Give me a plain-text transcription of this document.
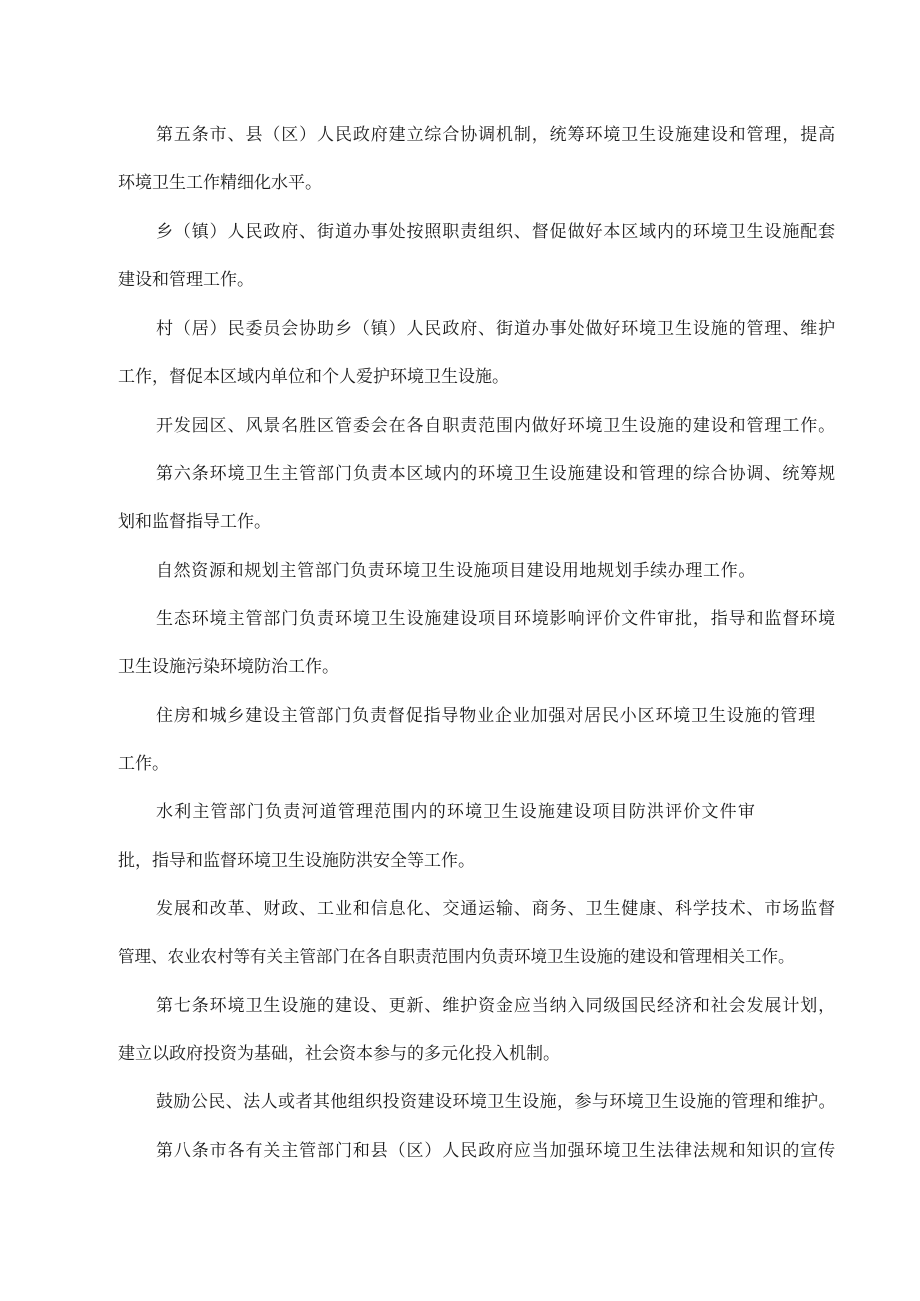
第五条市、县（区）人民政府建立综合协调机制，统筹环境卫生设施建设和管理，提高

环境卫生工作精细化水平。

乡（镇）人民政府、街道办事处按照职责组织、督促做好本区域内的环境卫生设施配套

建设和管理工作。

村（居）民委员会协助乡（镇）人民政府、街道办事处做好环境卫生设施的管理、维护

工作，督促本区域内单位和个人爱护环境卫生设施。

开发园区、风景名胜区管委会在各自职责范围内做好环境卫生设施的建设和管理工作。

第六条环境卫生主管部门负责本区域内的环境卫生设施建设和管理的综合协调、统筹规

划和监督指导工作。

自然资源和规划主管部门负责环境卫生设施项目建设用地规划手续办理工作。

生态环境主管部门负责环境卫生设施建设项目环境影响评价文件审批，指导和监督环境

卫生设施污染环境防治工作。

住房和城乡建设主管部门负责督促指导物业企业加强对居民小区环境卫生设施的管理

工作。

水利主管部门负责河道管理范围内的环境卫生设施建设项目防洪评价文件审

批，指导和监督环境卫生设施防洪安全等工作。

发展和改革、财政、工业和信息化、交通运输、商务、卫生健康、科学技术、市场监督

管理、农业农村等有关主管部门在各自职责范围内负责环境卫生设施的建设和管理相关工作。

第七条环境卫生设施的建设、更新、维护资金应当纳入同级国民经济和社会发展计划，

建立以政府投资为基础，社会资本参与的多元化投入机制。

鼓励公民、法人或者其他组织投资建设环境卫生设施，参与环境卫生设施的管理和维护。

第八条市各有关主管部门和县（区）人民政府应当加强环境卫生法律法规和知识的宣传
